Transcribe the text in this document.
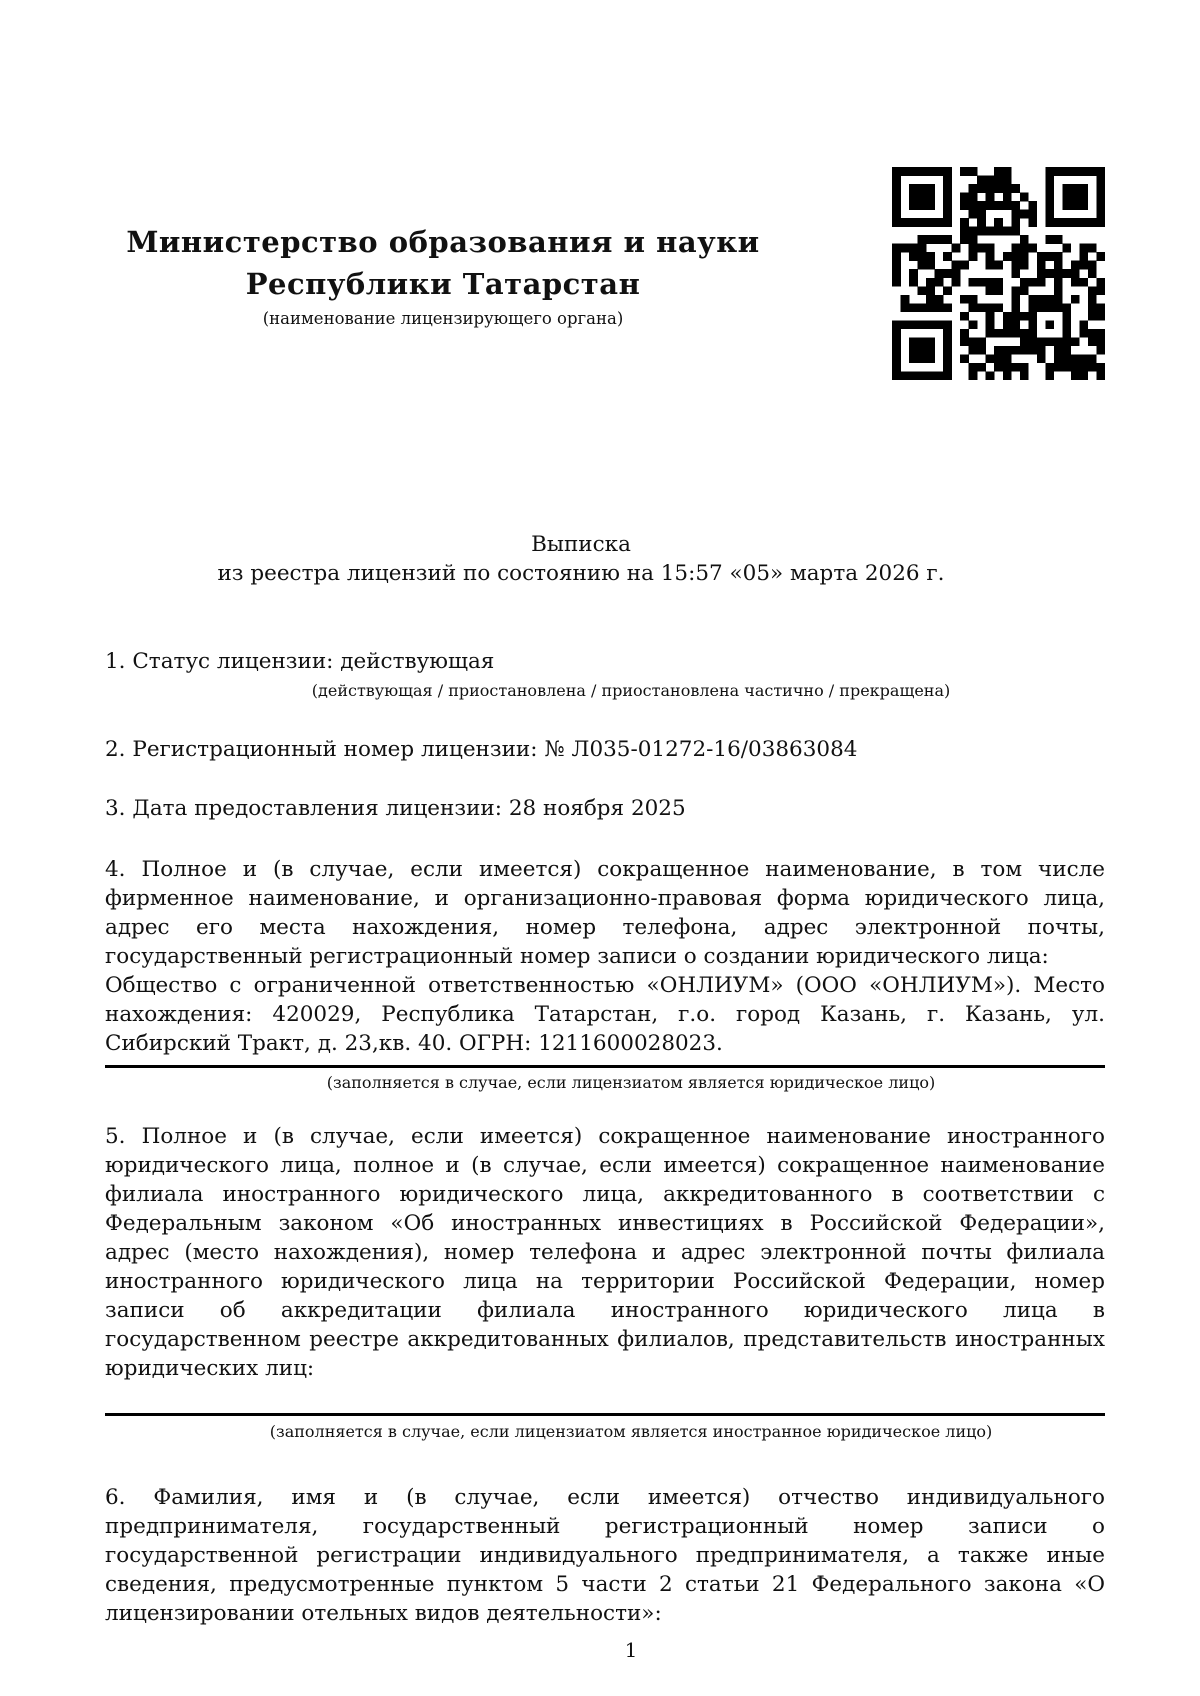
Министерство образования и науки
Республики Татарстан
(наименование лицензирующего органа)
Выписка
из реестра лицензий по состоянию на 15:57 «05» марта 2026 г.

1. Статус лицензии: действующая

(действующая / приостановлена / приостановлена частично / прекращена)

2. Регистрационный номер лицензии: № Л035-01272-16/03863084

3. Дата предоставления лицензии: 28 ноября 2025

4. Полное и (в случае, если имеется) сокращенное наименование, в том числе фирменное наименование, и организационно-правовая форма юридического лица, адрес его места нахождения, номер телефона, адрес электронной почты, государственный регистрационный номер записи о создании юридического лица:

Общество с ограниченной ответственностью «ОНЛИУМ» (ООО «ОНЛИУМ»). Место нахождения: 420029, Республика Татарстан, г.о. город Казань, г. Казань, ул. Сибирский Тракт, д. 23,кв. 40. ОГРН: 1211600028023.

(заполняется в случае, если лицензиатом является юридическое лицо)

5. Полное и (в случае, если имеется) сокращенное наименование иностранного юридического лица, полное и (в случае, если имеется) сокращенное наименование филиала иностранного юридического лица, аккредитованного в соответствии с Федеральным законом «Об иностранных инвестициях в Российской Федерации», адрес (место нахождения), номер телефона и адрес электронной почты филиала иностранного юридического лица на территории Российской Федерации, номер записи об аккредитации филиала иностранного юридического лица в государственном реестре аккредитованных филиалов, представительств иностранных юридических лиц:

(заполняется в случае, если лицензиатом является иностранное юридическое лицо)

6. Фамилия, имя и (в случае, если имеется) отчество индивидуального предпринимателя, государственный регистрационный номер записи о государственной регистрации индивидуального предпринимателя, а также иные сведения, предусмотренные пунктом 5 части 2 статьи 21 Федерального закона «О лицензировании отельных видов деятельности»:

1
